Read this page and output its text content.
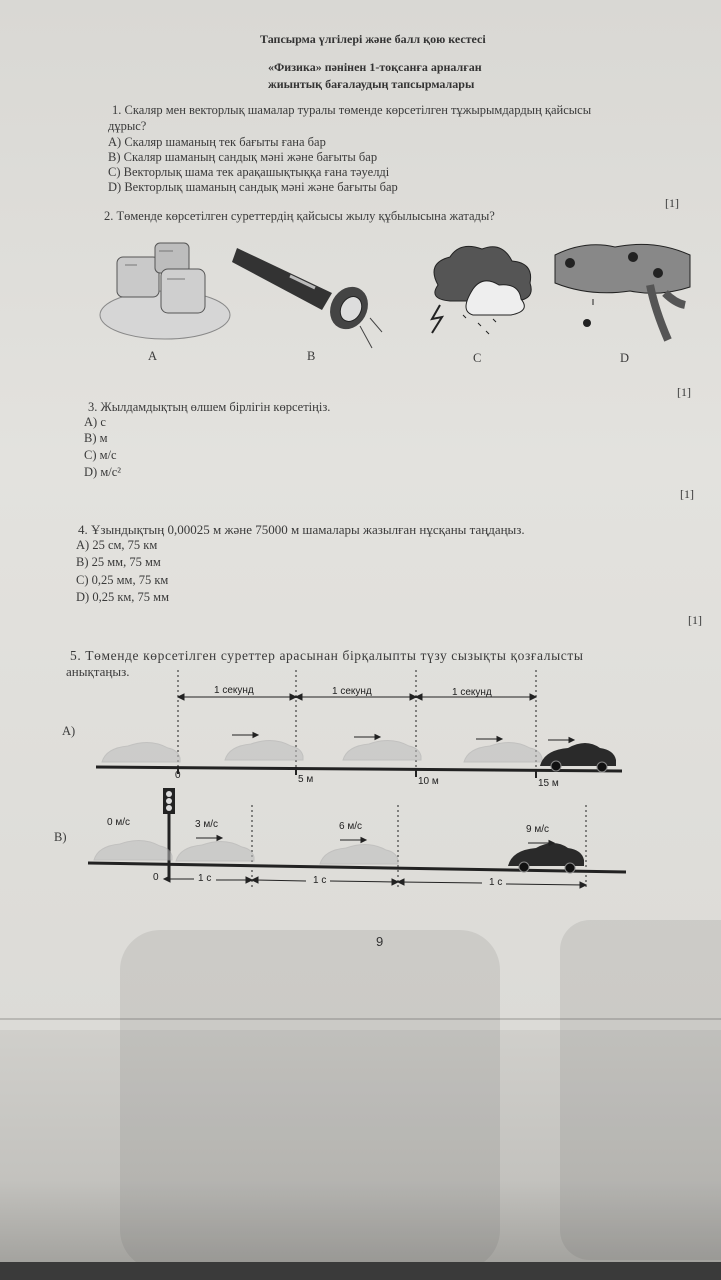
Тапсырма үлгілері және балл қою кестесі
«Физика» пәнінен 1-тоқсанға арналған
жиынтық бағалаудың тапсырмалары
1. Скаляр мен векторлық шамалар туралы төменде көрсетілген тұжырымдардың қайсысы
дұрыс?
A) Скаляр шаманың тек бағыты ғана бар
B) Скаляр шаманың сандық мәні және бағыты бар
C) Векторлық шама тек арақашықтыққа ғана тәуелді
D) Векторлық шаманың сандық мәні және бағыты бар
[1]
2. Төменде көрсетілген суреттердің қайсысы жылу құбылысына жатады?
A	B	C	D
[1]
3. Жылдамдықтың өлшем бірлігін көрсетіңіз.
A) с
B) м
C) м/с
D) м/с²
[1]
4. Ұзындықтың 0,00025 м және 75000 м шамалары жазылған нұсқаны таңдаңыз.
A) 25 см, 75 км
B) 25 мм, 75 мм
C) 0,25 мм, 75 км
D) 0,25 км, 75 мм
[1]
5. Төменде көрсетілген суреттер арасынан бірқалыпты түзу сызықты қозғалысты
анықтаңыз.
A)
1 секунд	1 секунд	1 секунд
0	5 м	10 м	15 м
B)
0 м/с	3 м/с	6 м/с	9 м/с
0	1 с	1 с	1 с
9
